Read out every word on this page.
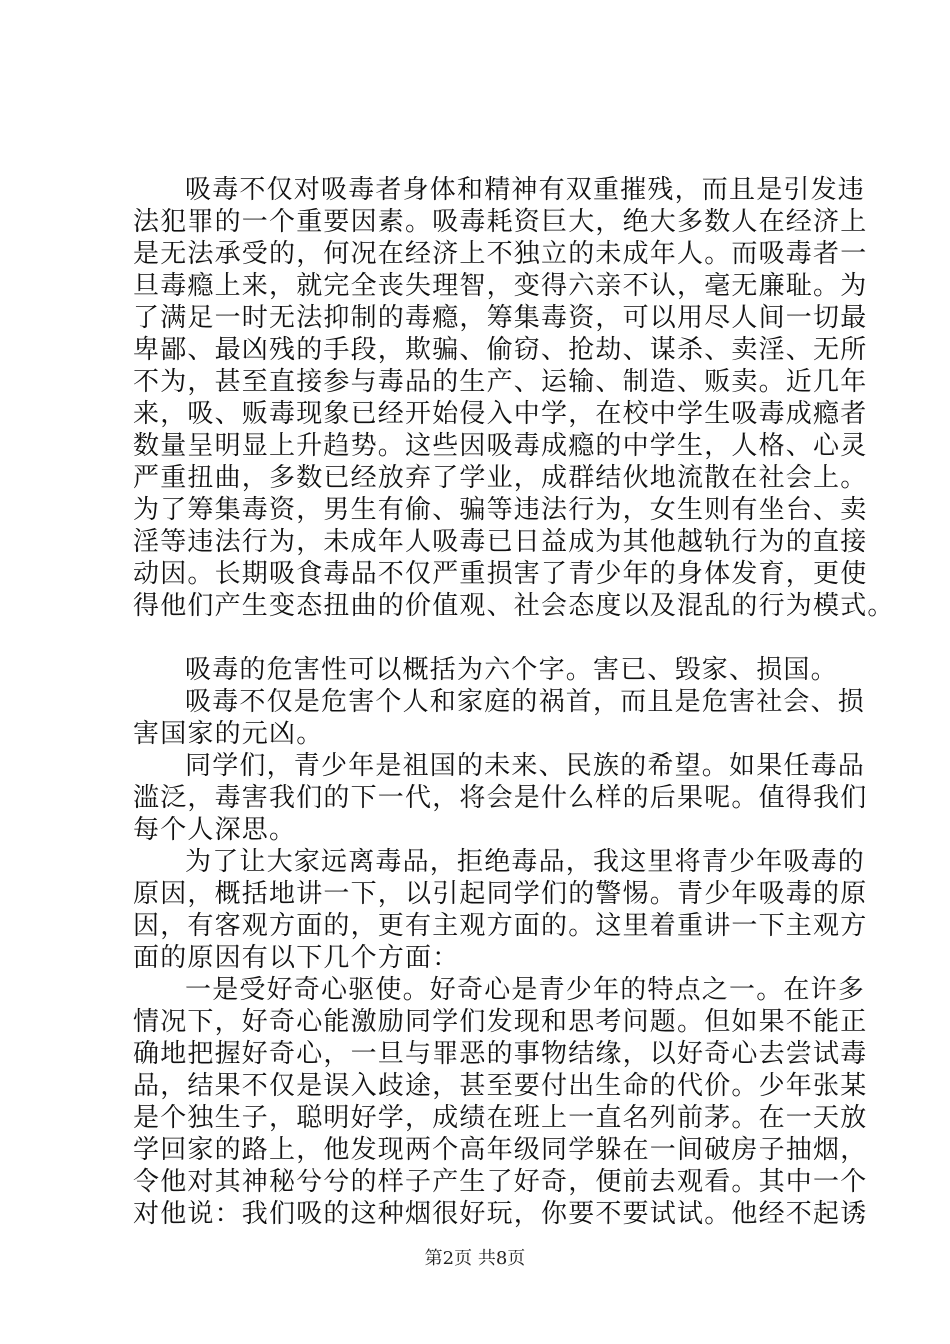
吸毒不仅对吸毒者身体和精神有双重摧残，而且是引发违
法犯罪的一个重要因素。吸毒耗资巨大，绝大多数人在经济上
是无法承受的，何况在经济上不独立的未成年人。而吸毒者一
旦毒瘾上来，就完全丧失理智，变得六亲不认，毫无廉耻。为
了满足一时无法抑制的毒瘾，筹集毒资，可以用尽人间一切最
卑鄙、最凶残的手段，欺骗、偷窃、抢劫、谋杀、卖淫、无所
不为，甚至直接参与毒品的生产、运输、制造、贩卖。近几年
来，吸、贩毒现象已经开始侵入中学，在校中学生吸毒成瘾者
数量呈明显上升趋势。这些因吸毒成瘾的中学生，人格、心灵
严重扭曲，多数已经放弃了学业，成群结伙地流散在社会上。
为了筹集毒资，男生有偷、骗等违法行为，女生则有坐台、卖
淫等违法行为，未成年人吸毒已日益成为其他越轨行为的直接
动因。长期吸食毒品不仅严重损害了青少年的身体发育，更使
得他们产生变态扭曲的价值观、社会态度以及混乱的行为模式。
吸毒的危害性可以概括为六个字。害已、毁家、损国。
吸毒不仅是危害个人和家庭的祸首，而且是危害社会、损
害国家的元凶。
同学们，青少年是祖国的未来、民族的希望。如果任毒品
滥泛，毒害我们的下一代，将会是什么样的后果呢。值得我们
每个人深思。
为了让大家远离毒品，拒绝毒品，我这里将青少年吸毒的
原因，概括地讲一下，以引起同学们的警惕。青少年吸毒的原
因，有客观方面的，更有主观方面的。这里着重讲一下主观方
面的原因有以下几个方面：
一是受好奇心驱使。好奇心是青少年的特点之一。在许多
情况下，好奇心能激励同学们发现和思考问题。但如果不能正
确地把握好奇心，一旦与罪恶的事物结缘，以好奇心去尝试毒
品，结果不仅是误入歧途，甚至要付出生命的代价。少年张某
是个独生子，聪明好学，成绩在班上一直名列前茅。在一天放
学回家的路上，他发现两个高年级同学躲在一间破房子抽烟，
令他对其神秘兮兮的样子产生了好奇，便前去观看。其中一个
对他说：我们吸的这种烟很好玩，你要不要试试。他经不起诱
第2页 共8页
